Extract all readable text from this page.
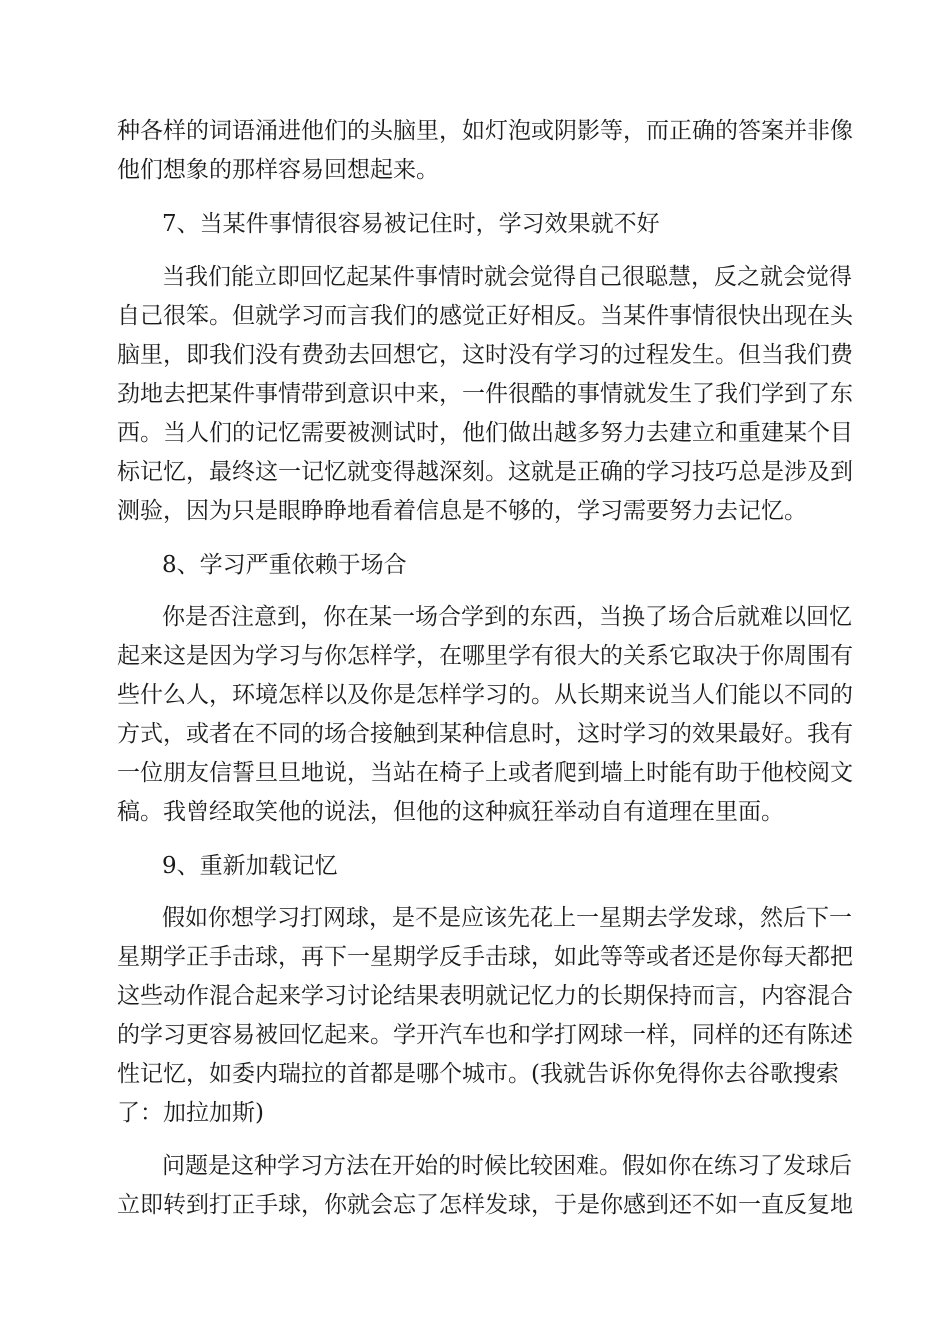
种各样的词语涌进他们的头脑里，如灯泡或阴影等，而正确的答案并非像
他们想象的那样容易回想起来。
7、当某件事情很容易被记住时，学习效果就不好
当我们能立即回忆起某件事情时就会觉得自己很聪慧，反之就会觉得
自己很笨。但就学习而言我们的感觉正好相反。当某件事情很快出现在头
脑里，即我们没有费劲去回想它，这时没有学习的过程发生。但当我们费
劲地去把某件事情带到意识中来，一件很酷的事情就发生了我们学到了东
西。当人们的记忆需要被测试时，他们做出越多努力去建立和重建某个目
标记忆，最终这一记忆就变得越深刻。这就是正确的学习技巧总是涉及到
测验，因为只是眼睁睁地看着信息是不够的，学习需要努力去记忆。
8、学习严重依赖于场合
你是否注意到，你在某一场合学到的东西，当换了场合后就难以回忆
起来这是因为学习与你怎样学，在哪里学有很大的关系它取决于你周围有
些什么人，环境怎样以及你是怎样学习的。从长期来说当人们能以不同的
方式，或者在不同的场合接触到某种信息时，这时学习的效果最好。我有
一位朋友信誓旦旦地说，当站在椅子上或者爬到墙上时能有助于他校阅文
稿。我曾经取笑他的说法，但他的这种疯狂举动自有道理在里面。
9、重新加载记忆
假如你想学习打网球，是不是应该先花上一星期去学发球，然后下一
星期学正手击球，再下一星期学反手击球，如此等等或者还是你每天都把
这些动作混合起来学习讨论结果表明就记忆力的长期保持而言，内容混合
的学习更容易被回忆起来。学开汽车也和学打网球一样，同样的还有陈述
性记忆，如委内瑞拉的首都是哪个城市。(我就告诉你免得你去谷歌搜索
了：加拉加斯)
问题是这种学习方法在开始的时候比较困难。假如你在练习了发球后
立即转到打正手球，你就会忘了怎样发球，于是你感到还不如一直反复地
